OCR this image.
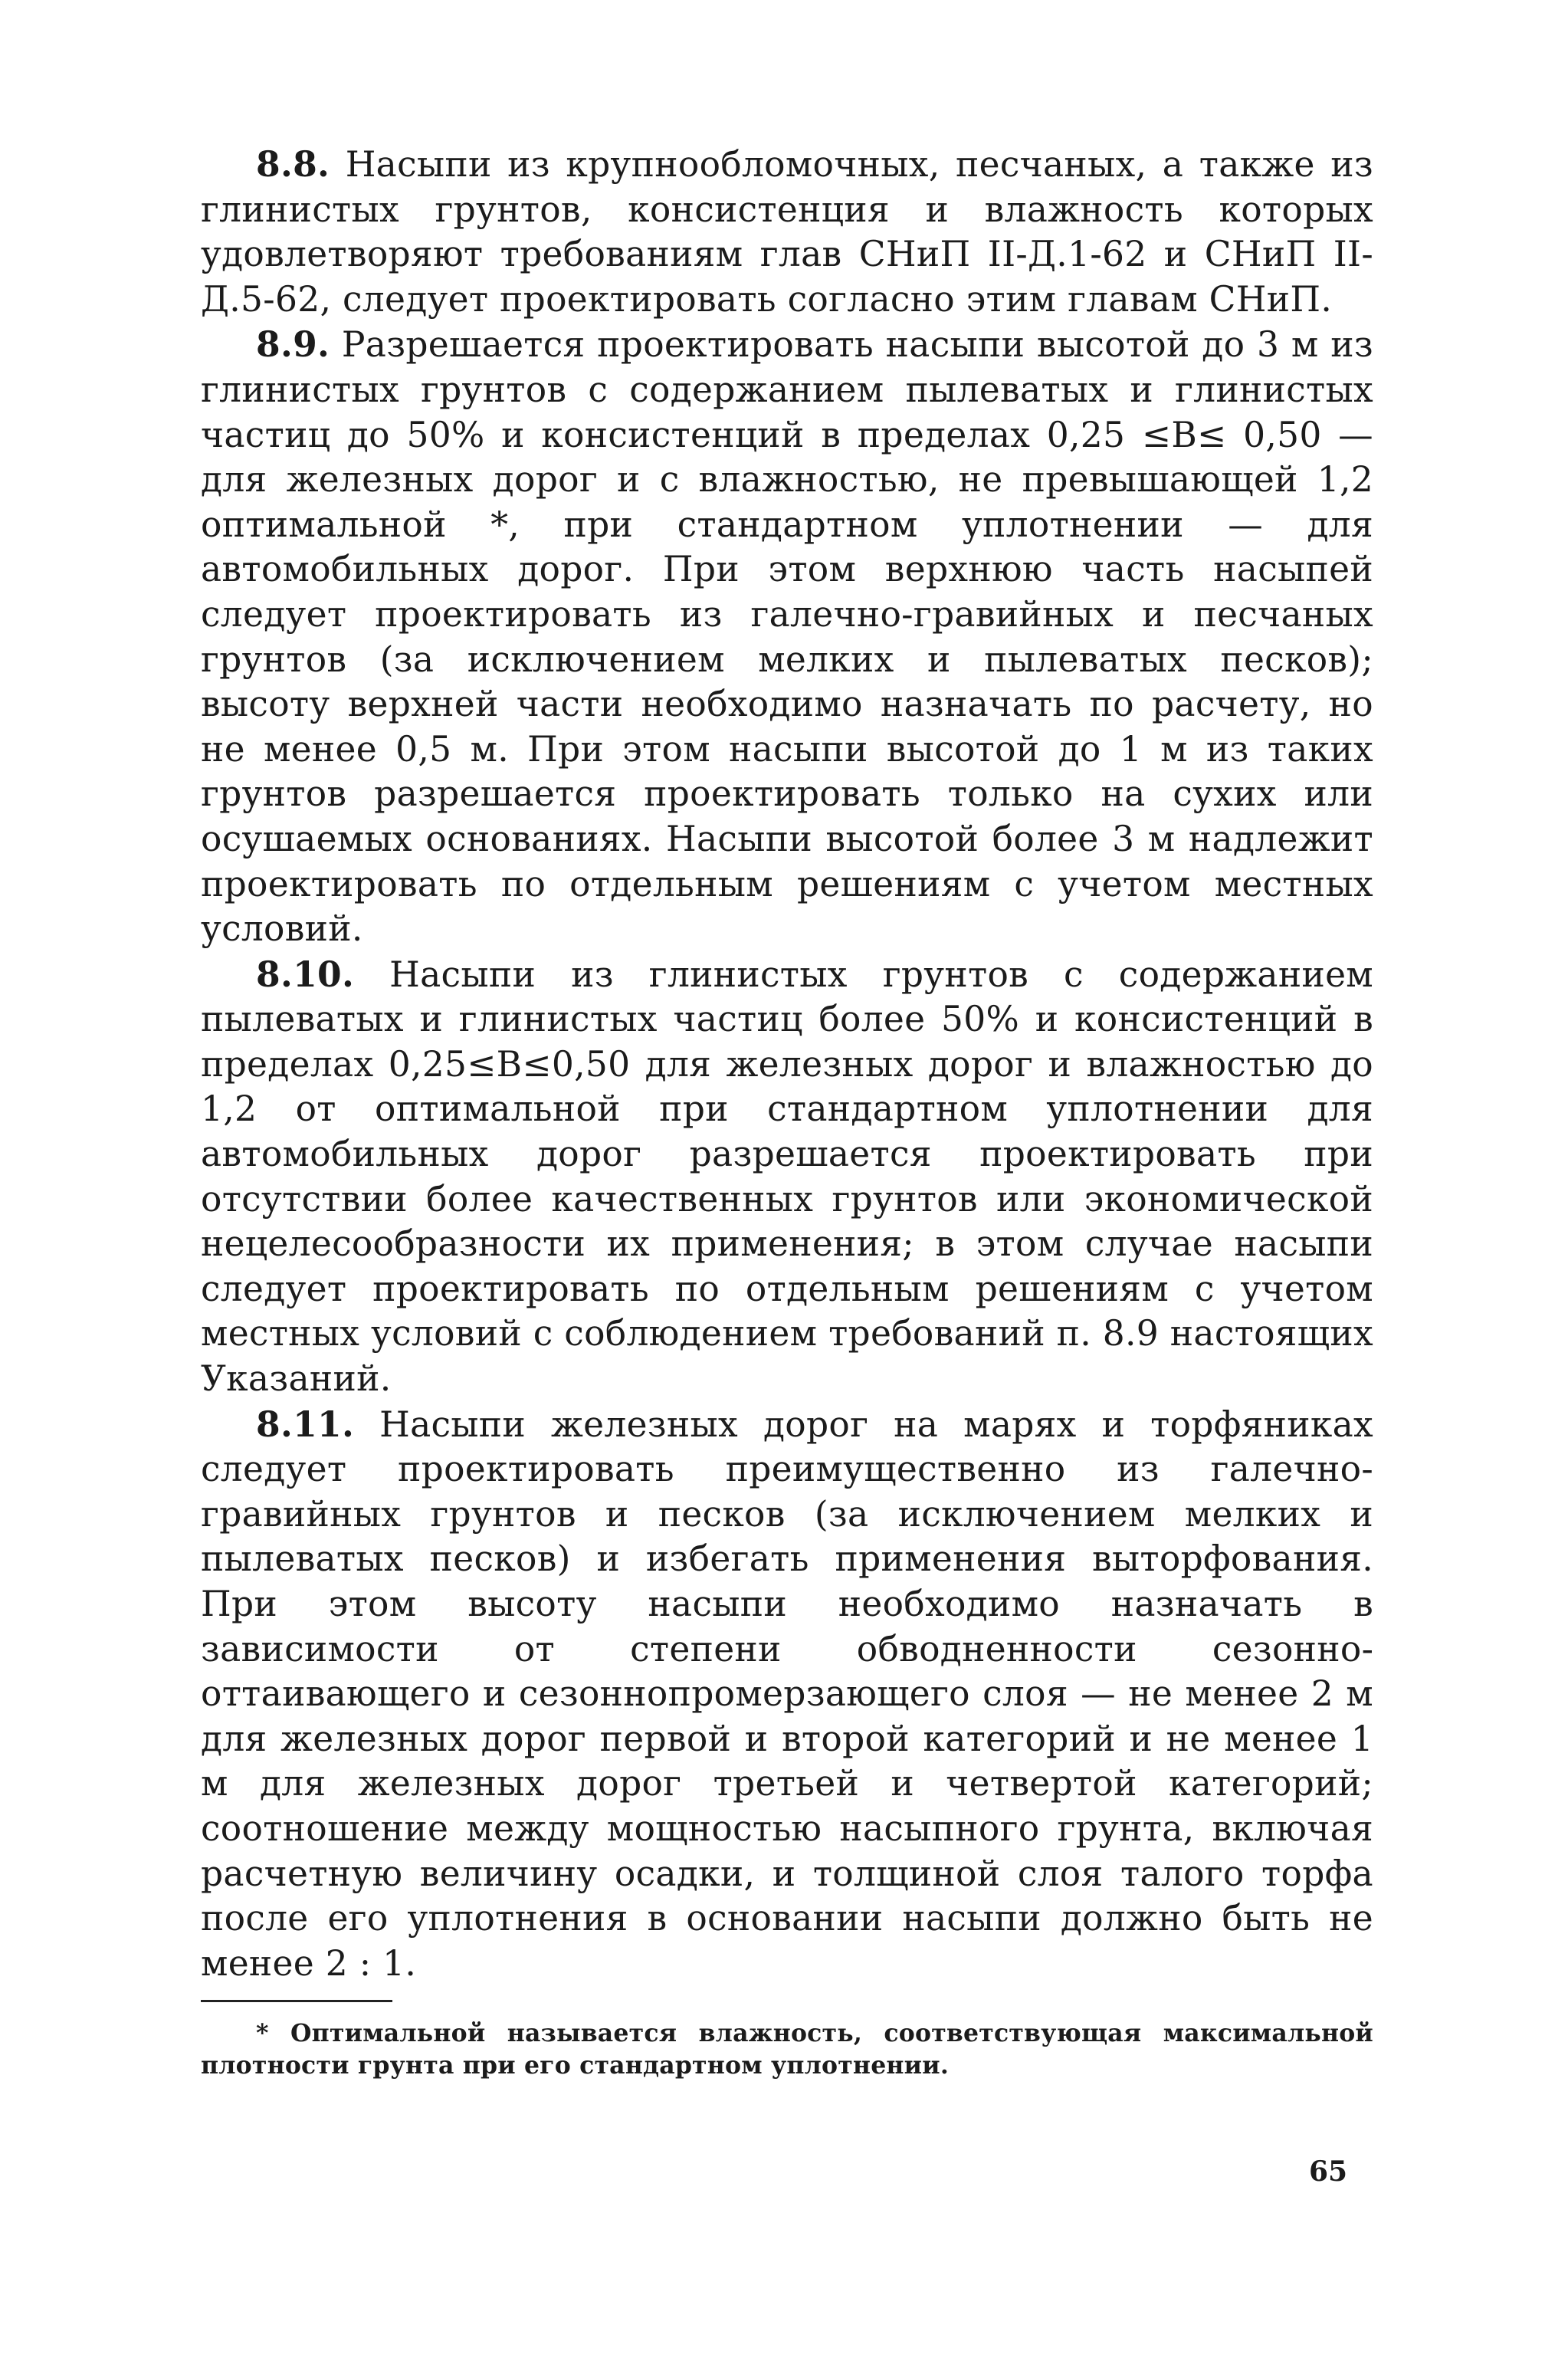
8.8. Насыпи из крупнообломочных, песчаных, а также из глинистых грунтов, консистенция и влажность которых удовлетворяют требованиям глав СНиП II-Д.1-62 и СНиП II-Д.5-62, следует проектировать согласно этим главам СНиП.

8.9. Разрешается проектировать насыпи высотой до 3 м из глинистых грунтов с содержанием пылеватых и глинистых частиц до 50% и консистенций в пределах 0,25 ≤В≤ 0,50 — для железных дорог и с влажностью, не превышающей 1,2 оптимальной *, при стандартном уплотнении — для автомобильных дорог. При этом верхнюю часть насыпей следует проектировать из галечно-гравийных и песчаных грунтов (за исключением мелких и пылеватых песков); высоту верхней части необходимо назначать по расчету, но не менее 0,5 м. При этом насыпи высотой до 1 м из таких грунтов разрешается проектировать только на сухих или осушаемых основаниях. Насыпи высотой более 3 м надлежит проектировать по отдельным решениям с учетом местных условий.

8.10. Насыпи из глинистых грунтов с содержанием пылеватых и глинистых частиц более 50% и консистенций в пределах 0,25≤В≤0,50 для железных дорог и влажностью до 1,2 от оптимальной при стандартном уплотнении для автомобильных дорог разрешается проектировать при отсутствии более качественных грунтов или экономической нецелесообразности их применения; в этом случае насыпи следует проектировать по отдельным решениям с учетом местных условий с соблюдением требований п. 8.9 настоящих Указаний.

8.11. Насыпи железных дорог на марях и торфяниках следует проектировать преимущественно из галечно-гравийных грунтов и песков (за исключением мелких и пылеватых песков) и избегать применения выторфования. При этом высоту насыпи необходимо назначать в зависимости от степени обводненности сезоннооттаивающего и сезоннопромерзающего слоя — не менее 2 м для железных дорог первой и второй категорий и не менее 1 м для железных дорог третьей и четвертой категорий; соотношение между мощностью насыпного грунта, включая расчетную величину осадки, и толщиной слоя талого торфа после его уплотнения в основании насыпи должно быть не менее 2 : 1.

* Оптимальной называется влажность, соответствующая максимальной плотности грунта при его стандартном уплотнении.

65
